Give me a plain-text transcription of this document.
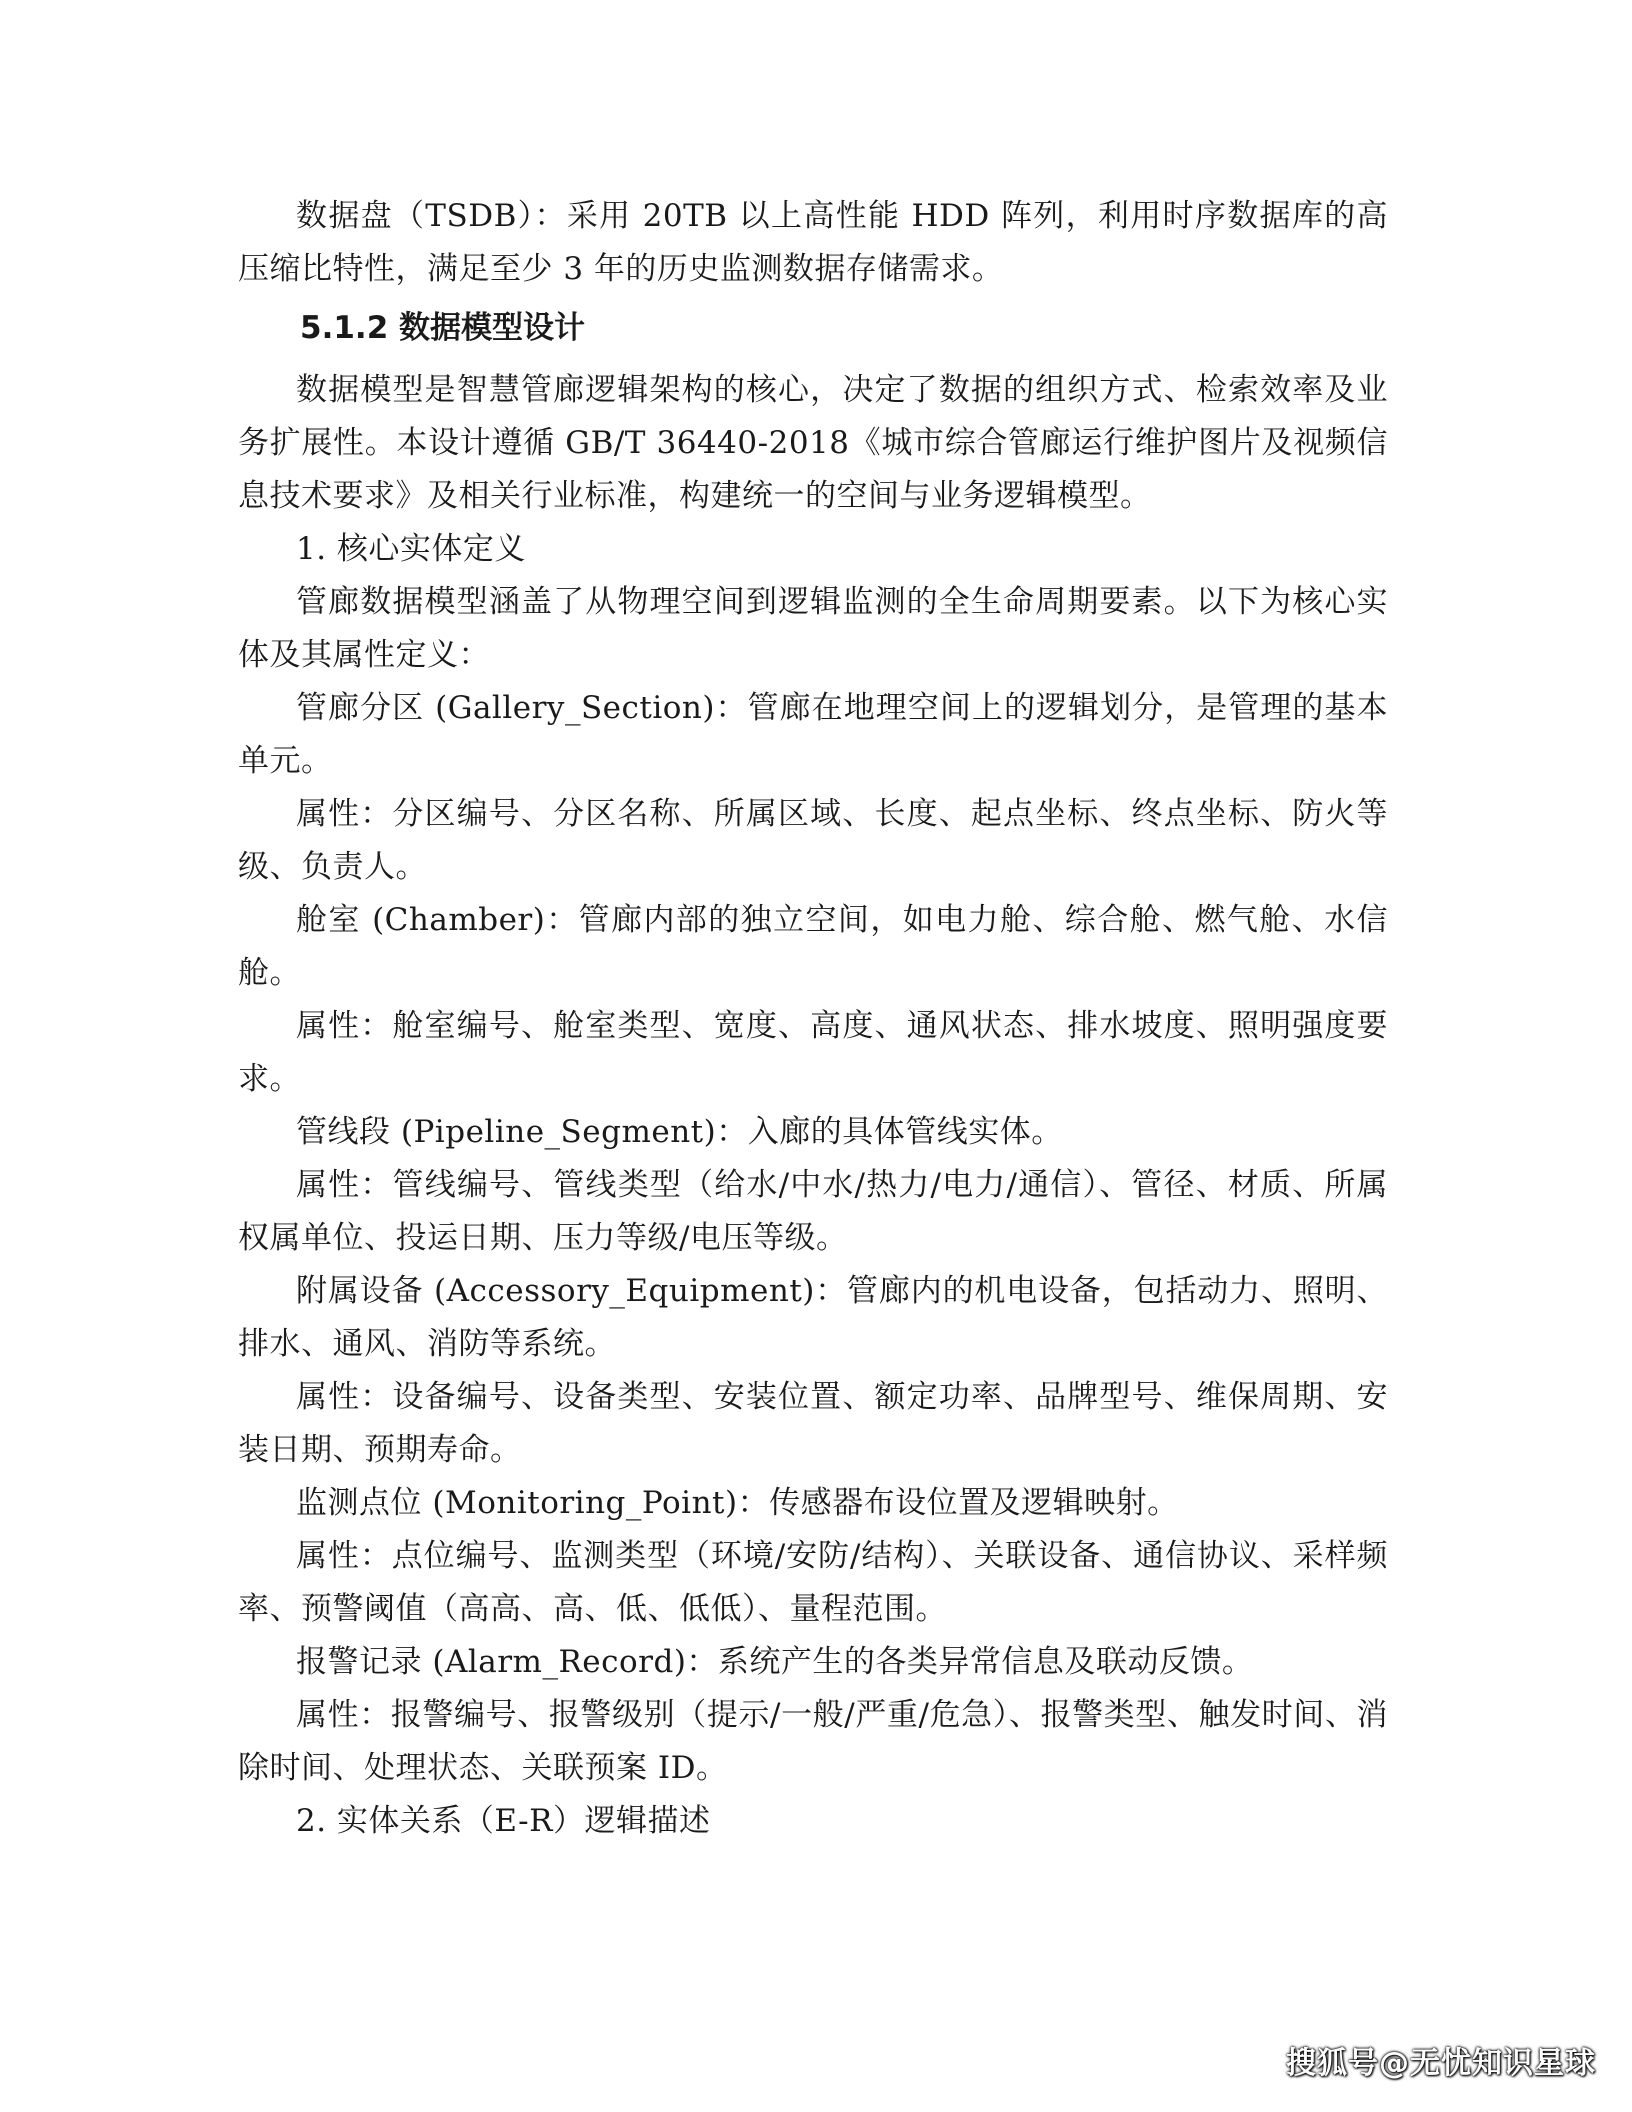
数据盘（TSDB）：采用 20TB 以上高性能 HDD 阵列，利用时序数据库的高压缩比特性，满足至少 3 年的历史监测数据存储需求。

5.1.2 数据模型设计

数据模型是智慧管廊逻辑架构的核心，决定了数据的组织方式、检索效率及业务扩展性。本设计遵循 GB/T 36440-2018《城市综合管廊运行维护图片及视频信息技术要求》及相关行业标准，构建统一的空间与业务逻辑模型。

1. 核心实体定义

管廊数据模型涵盖了从物理空间到逻辑监测的全生命周期要素。以下为核心实体及其属性定义：

管廊分区 (Gallery_Section)：管廊在地理空间上的逻辑划分，是管理的基本单元。

属性：分区编号、分区名称、所属区域、长度、起点坐标、终点坐标、防火等级、负责人。

舱室 (Chamber)：管廊内部的独立空间，如电力舱、综合舱、燃气舱、水信舱。

属性：舱室编号、舱室类型、宽度、高度、通风状态、排水坡度、照明强度要求。

管线段 (Pipeline_Segment)：入廊的具体管线实体。

属性：管线编号、管线类型（给水/中水/热力/电力/通信）、管径、材质、所属权属单位、投运日期、压力等级/电压等级。

附属设备 (Accessory_Equipment)：管廊内的机电设备，包括动力、照明、排水、通风、消防等系统。

属性：设备编号、设备类型、安装位置、额定功率、品牌型号、维保周期、安装日期、预期寿命。

监测点位 (Monitoring_Point)：传感器布设位置及逻辑映射。

属性：点位编号、监测类型（环境/安防/结构）、关联设备、通信协议、采样频率、预警阈值（高高、高、低、低低）、量程范围。

报警记录 (Alarm_Record)：系统产生的各类异常信息及联动反馈。

属性：报警编号、报警级别（提示/一般/严重/危急）、报警类型、触发时间、消除时间、处理状态、关联预案 ID。

2. 实体关系（E-R）逻辑描述

搜狐号@无忧知识星球
